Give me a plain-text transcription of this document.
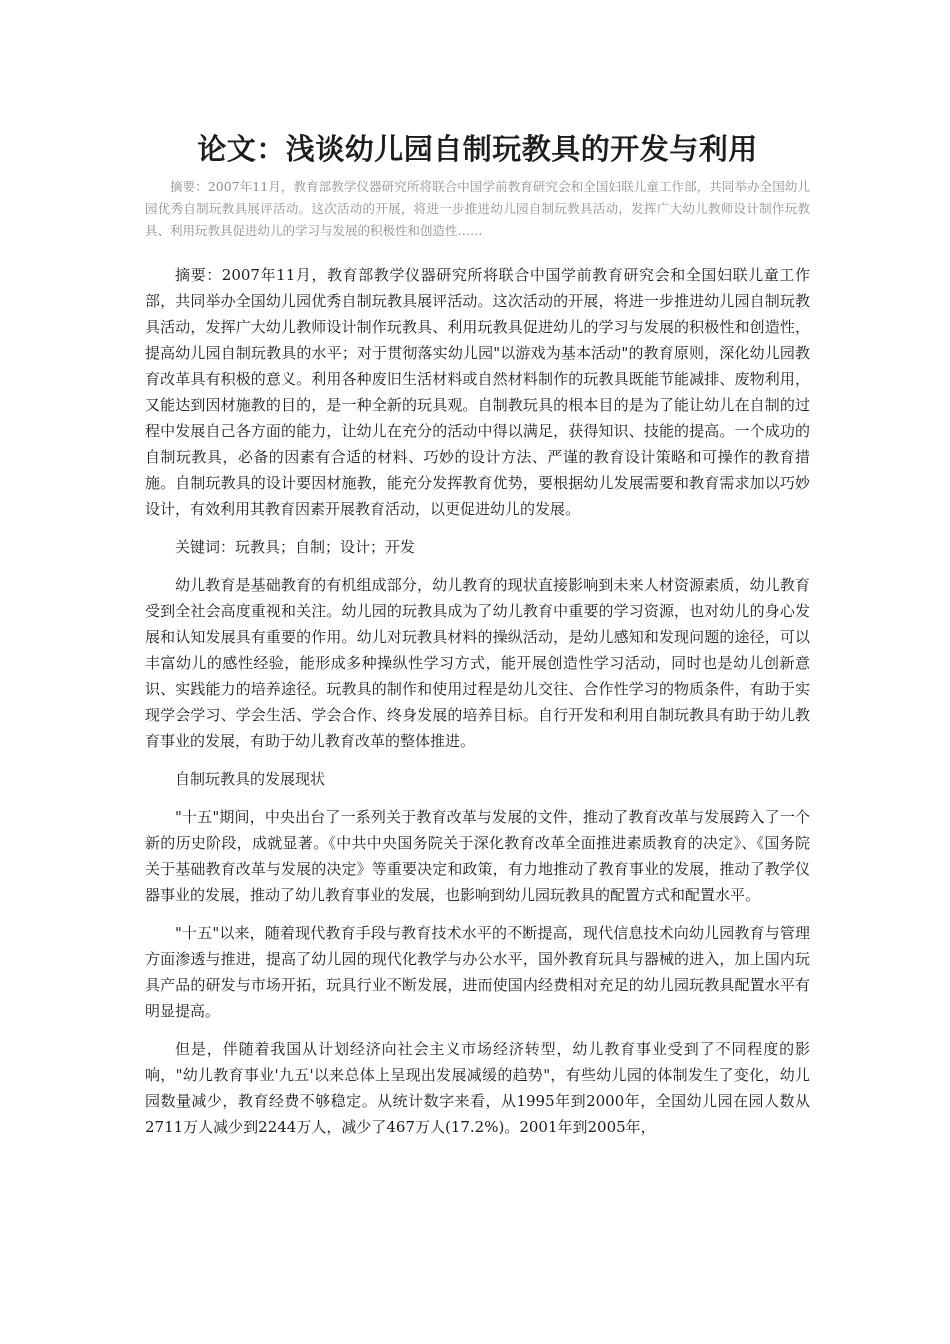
论文：浅谈幼儿园自制玩教具的开发与利用

摘要：2007年11月，教育部教学仪器研究所将联合中国学前教育研究会和全国妇联儿童工作部，共同举办全国幼儿园优秀自制玩教具展评活动。这次活动的开展，将进一步推进幼儿园自制玩教具活动，发挥广大幼儿教师设计制作玩教具、利用玩教具促进幼儿的学习与发展的积极性和创造性……

摘要：2007年11月，教育部教学仪器研究所将联合中国学前教育研究会和全国妇联儿童工作部，共同举办全国幼儿园优秀自制玩教具展评活动。这次活动的开展，将进一步推进幼儿园自制玩教具活动，发挥广大幼儿教师设计制作玩教具、利用玩教具促进幼儿的学习与发展的积极性和创造性，提高幼儿园自制玩教具的水平；对于贯彻落实幼儿园"以游戏为基本活动"的教育原则，深化幼儿园教育改革具有积极的意义。利用各种废旧生活材料或自然材料制作的玩教具既能节能减排、废物利用，又能达到因材施教的目的，是一种全新的玩具观。自制教玩具的根本目的是为了能让幼儿在自制的过程中发展自己各方面的能力，让幼儿在充分的活动中得以满足，获得知识、技能的提高。一个成功的自制玩教具，必备的因素有合适的材料、巧妙的设计方法、严谨的教育设计策略和可操作的教育措施。自制玩教具的设计要因材施教，能充分发挥教育优势，要根据幼儿发展需要和教育需求加以巧妙设计，有效利用其教育因素开展教育活动，以更促进幼儿的发展。

关键词：玩教具；自制；设计；开发

幼儿教育是基础教育的有机组成部分，幼儿教育的现状直接影响到未来人材资源素质，幼儿教育受到全社会高度重视和关注。幼儿园的玩教具成为了幼儿教育中重要的学习资源，也对幼儿的身心发展和认知发展具有重要的作用。幼儿对玩教具材料的操纵活动，是幼儿感知和发现问题的途径，可以丰富幼儿的感性经验，能形成多种操纵性学习方式，能开展创造性学习活动，同时也是幼儿创新意识、实践能力的培养途径。玩教具的制作和使用过程是幼儿交往、合作性学习的物质条件，有助于实现学会学习、学会生活、学会合作、终身发展的培养目标。自行开发和利用自制玩教具有助于幼儿教育事业的发展，有助于幼儿教育改革的整体推进。

自制玩教具的发展现状

"十五"期间，中央出台了一系列关于教育改革与发展的文件，推动了教育改革与发展跨入了一个新的历史阶段，成就显著。《中共中央国务院关于深化教育改革全面推进素质教育的决定》、《国务院关于基础教育改革与发展的决定》等重要决定和政策，有力地推动了教育事业的发展，推动了教学仪器事业的发展，推动了幼儿教育事业的发展，也影响到幼儿园玩教具的配置方式和配置水平。

"十五"以来，随着现代教育手段与教育技术水平的不断提高，现代信息技术向幼儿园教育与管理方面渗透与推进，提高了幼儿园的现代化教学与办公水平，国外教育玩具与器械的进入，加上国内玩具产品的研发与市场开拓，玩具行业不断发展，进而使国内经费相对充足的幼儿园玩教具配置水平有明显提高。

但是，伴随着我国从计划经济向社会主义市场经济转型，幼儿教育事业受到了不同程度的影响，"幼儿教育事业'九五'以来总体上呈现出发展减缓的趋势"，有些幼儿园的体制发生了变化，幼儿园数量减少，教育经费不够稳定。从统计数字来看，从1995年到2000年，全国幼儿园在园人数从2711万人减少到2244万人，减少了467万人(17.2%)。2001年到2005年，
